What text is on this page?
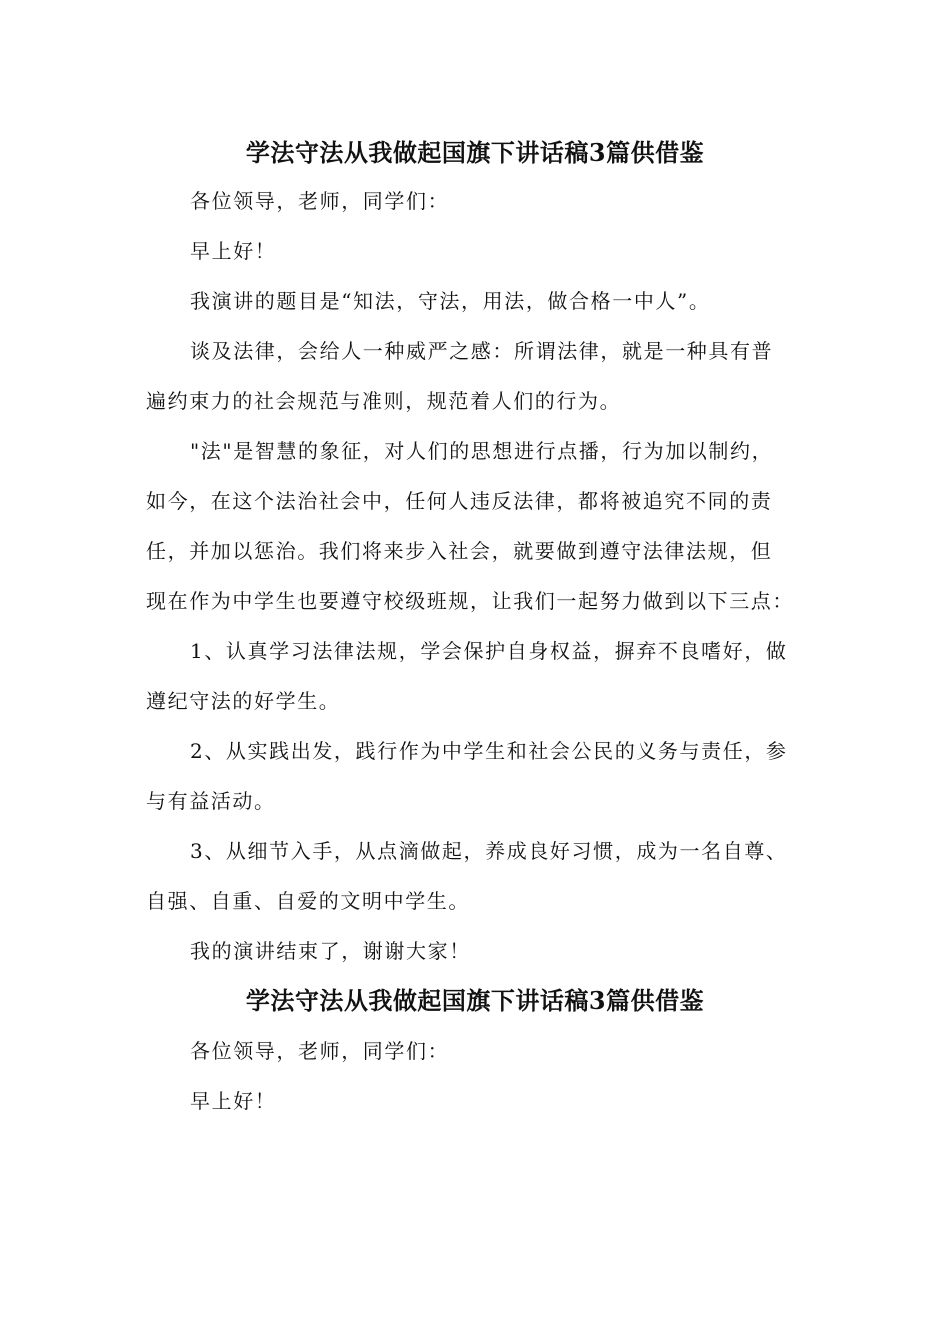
学法守法从我做起国旗下讲话稿3篇供借鉴
各位领导，老师，同学们：
早上好！
我演讲的题目是“知法，守法，用法，做合格一中人”。
谈及法律，会给人一种威严之感：所谓法律，就是一种具有普
遍约束力的社会规范与准则，规范着人们的行为。
"法"是智慧的象征，对人们的思想进行点播，行为加以制约，
如今，在这个法治社会中，任何人违反法律，都将被追究不同的责
任，并加以惩治。我们将来步入社会，就要做到遵守法律法规，但
现在作为中学生也要遵守校级班规，让我们一起努力做到以下三点：
1、认真学习法律法规，学会保护自身权益，摒弃不良嗜好，做
遵纪守法的好学生。
2、从实践出发，践行作为中学生和社会公民的义务与责任，参
与有益活动。
3、从细节入手，从点滴做起，养成良好习惯，成为一名自尊、
自强、自重、自爱的文明中学生。
我的演讲结束了，谢谢大家！
学法守法从我做起国旗下讲话稿3篇供借鉴
各位领导，老师，同学们：
早上好！
